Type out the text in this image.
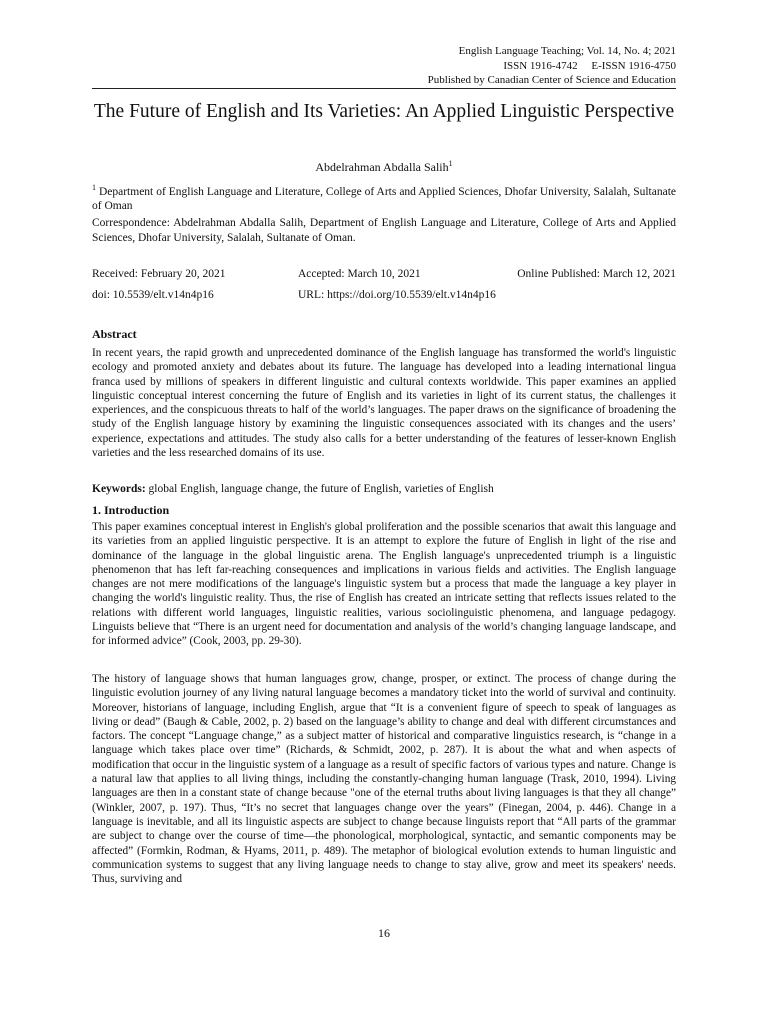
English Language Teaching; Vol. 14, No. 4; 2021
ISSN 1916-4742     E-ISSN 1916-4750
Published by Canadian Center of Science and Education
The Future of English and Its Varieties: An Applied Linguistic Perspective
Abdelrahman Abdalla Salih$^1$
$^1$ Department of English Language and Literature, College of Arts and Applied Sciences, Dhofar University, Salalah, Sultanate of Oman
Correspondence: Abdelrahman Abdalla Salih, Department of English Language and Literature, College of Arts and Applied Sciences, Dhofar University, Salalah, Sultanate of Oman.
Received: February 20, 2021	Accepted: March 10, 2021	Online Published: March 12, 2021
doi: 10.5539/elt.v14n4p16	URL: https://doi.org/10.5539/elt.v14n4p16
Abstract

In recent years, the rapid growth and unprecedented dominance of the English language has transformed the world's linguistic ecology and promoted anxiety and debates about its future. The language has developed into a leading international lingua franca used by millions of speakers in different linguistic and cultural contexts worldwide. This paper examines an applied linguistic conceptual interest concerning the future of English and its varieties in light of its current status, the challenges it experiences, and the conspicuous threats to half of the world’s languages. The paper draws on the significance of broadening the study of the English language history by examining the linguistic consequences associated with its changes and the users’ experience, expectations and attitudes. The study also calls for a better understanding of the features of lesser-known English varieties and the less researched domains of its use.

Keywords: global English, language change, the future of English, varieties of English
1. Introduction

This paper examines conceptual interest in English's global proliferation and the possible scenarios that await this language and its varieties from an applied linguistic perspective. It is an attempt to explore the future of English in light of the rise and dominance of the language in the global linguistic arena. The English language's unprecedented triumph is a linguistic phenomenon that has left far-reaching consequences and implications in various fields and activities. The English language changes are not mere modifications of the language's linguistic system but a process that made the language a key player in changing the world's linguistic reality. Thus, the rise of English has created an intricate setting that reflects issues related to the relations with different world languages, linguistic realities, various sociolinguistic phenomena, and language pedagogy. Linguists believe that “There is an urgent need for documentation and analysis of the world’s changing language landscape, and for informed advice” (Cook, 2003, pp. 29-30).

The history of language shows that human languages grow, change, prosper, or extinct. The process of change during the linguistic evolution journey of any living natural language becomes a mandatory ticket into the world of survival and continuity. Moreover, historians of language, including English, argue that “It is a convenient figure of speech to speak of languages as living or dead” (Baugh & Cable, 2002, p. 2) based on the language’s ability to change and deal with different circumstances and factors. The concept “Language change,” as a subject matter of historical and comparative linguistics research, is “change in a language which takes place over time” (Richards, & Schmidt, 2002, p. 287). It is about the what and when aspects of modification that occur in the linguistic system of a language as a result of specific factors of various types and nature. Change is a natural law that applies to all living things, including the constantly-changing human language (Trask, 2010, 1994). Living languages are then in a constant state of change because "one of the eternal truths about living languages is that they all change” (Winkler, 2007, p. 197). Thus, “It’s no secret that languages change over the years” (Finegan, 2004, p. 446). Change in a language is inevitable, and all its linguistic aspects are subject to change because linguists report that “All parts of the grammar are subject to change over the course of time—the phonological, morphological, syntactic, and semantic components may be affected” (Formkin, Rodman, & Hyams, 2011, p. 489). The metaphor of biological evolution extends to human linguistic and communication systems to suggest that any living language needs to change to stay alive, grow and meet its speakers' needs. Thus, surviving and

16
